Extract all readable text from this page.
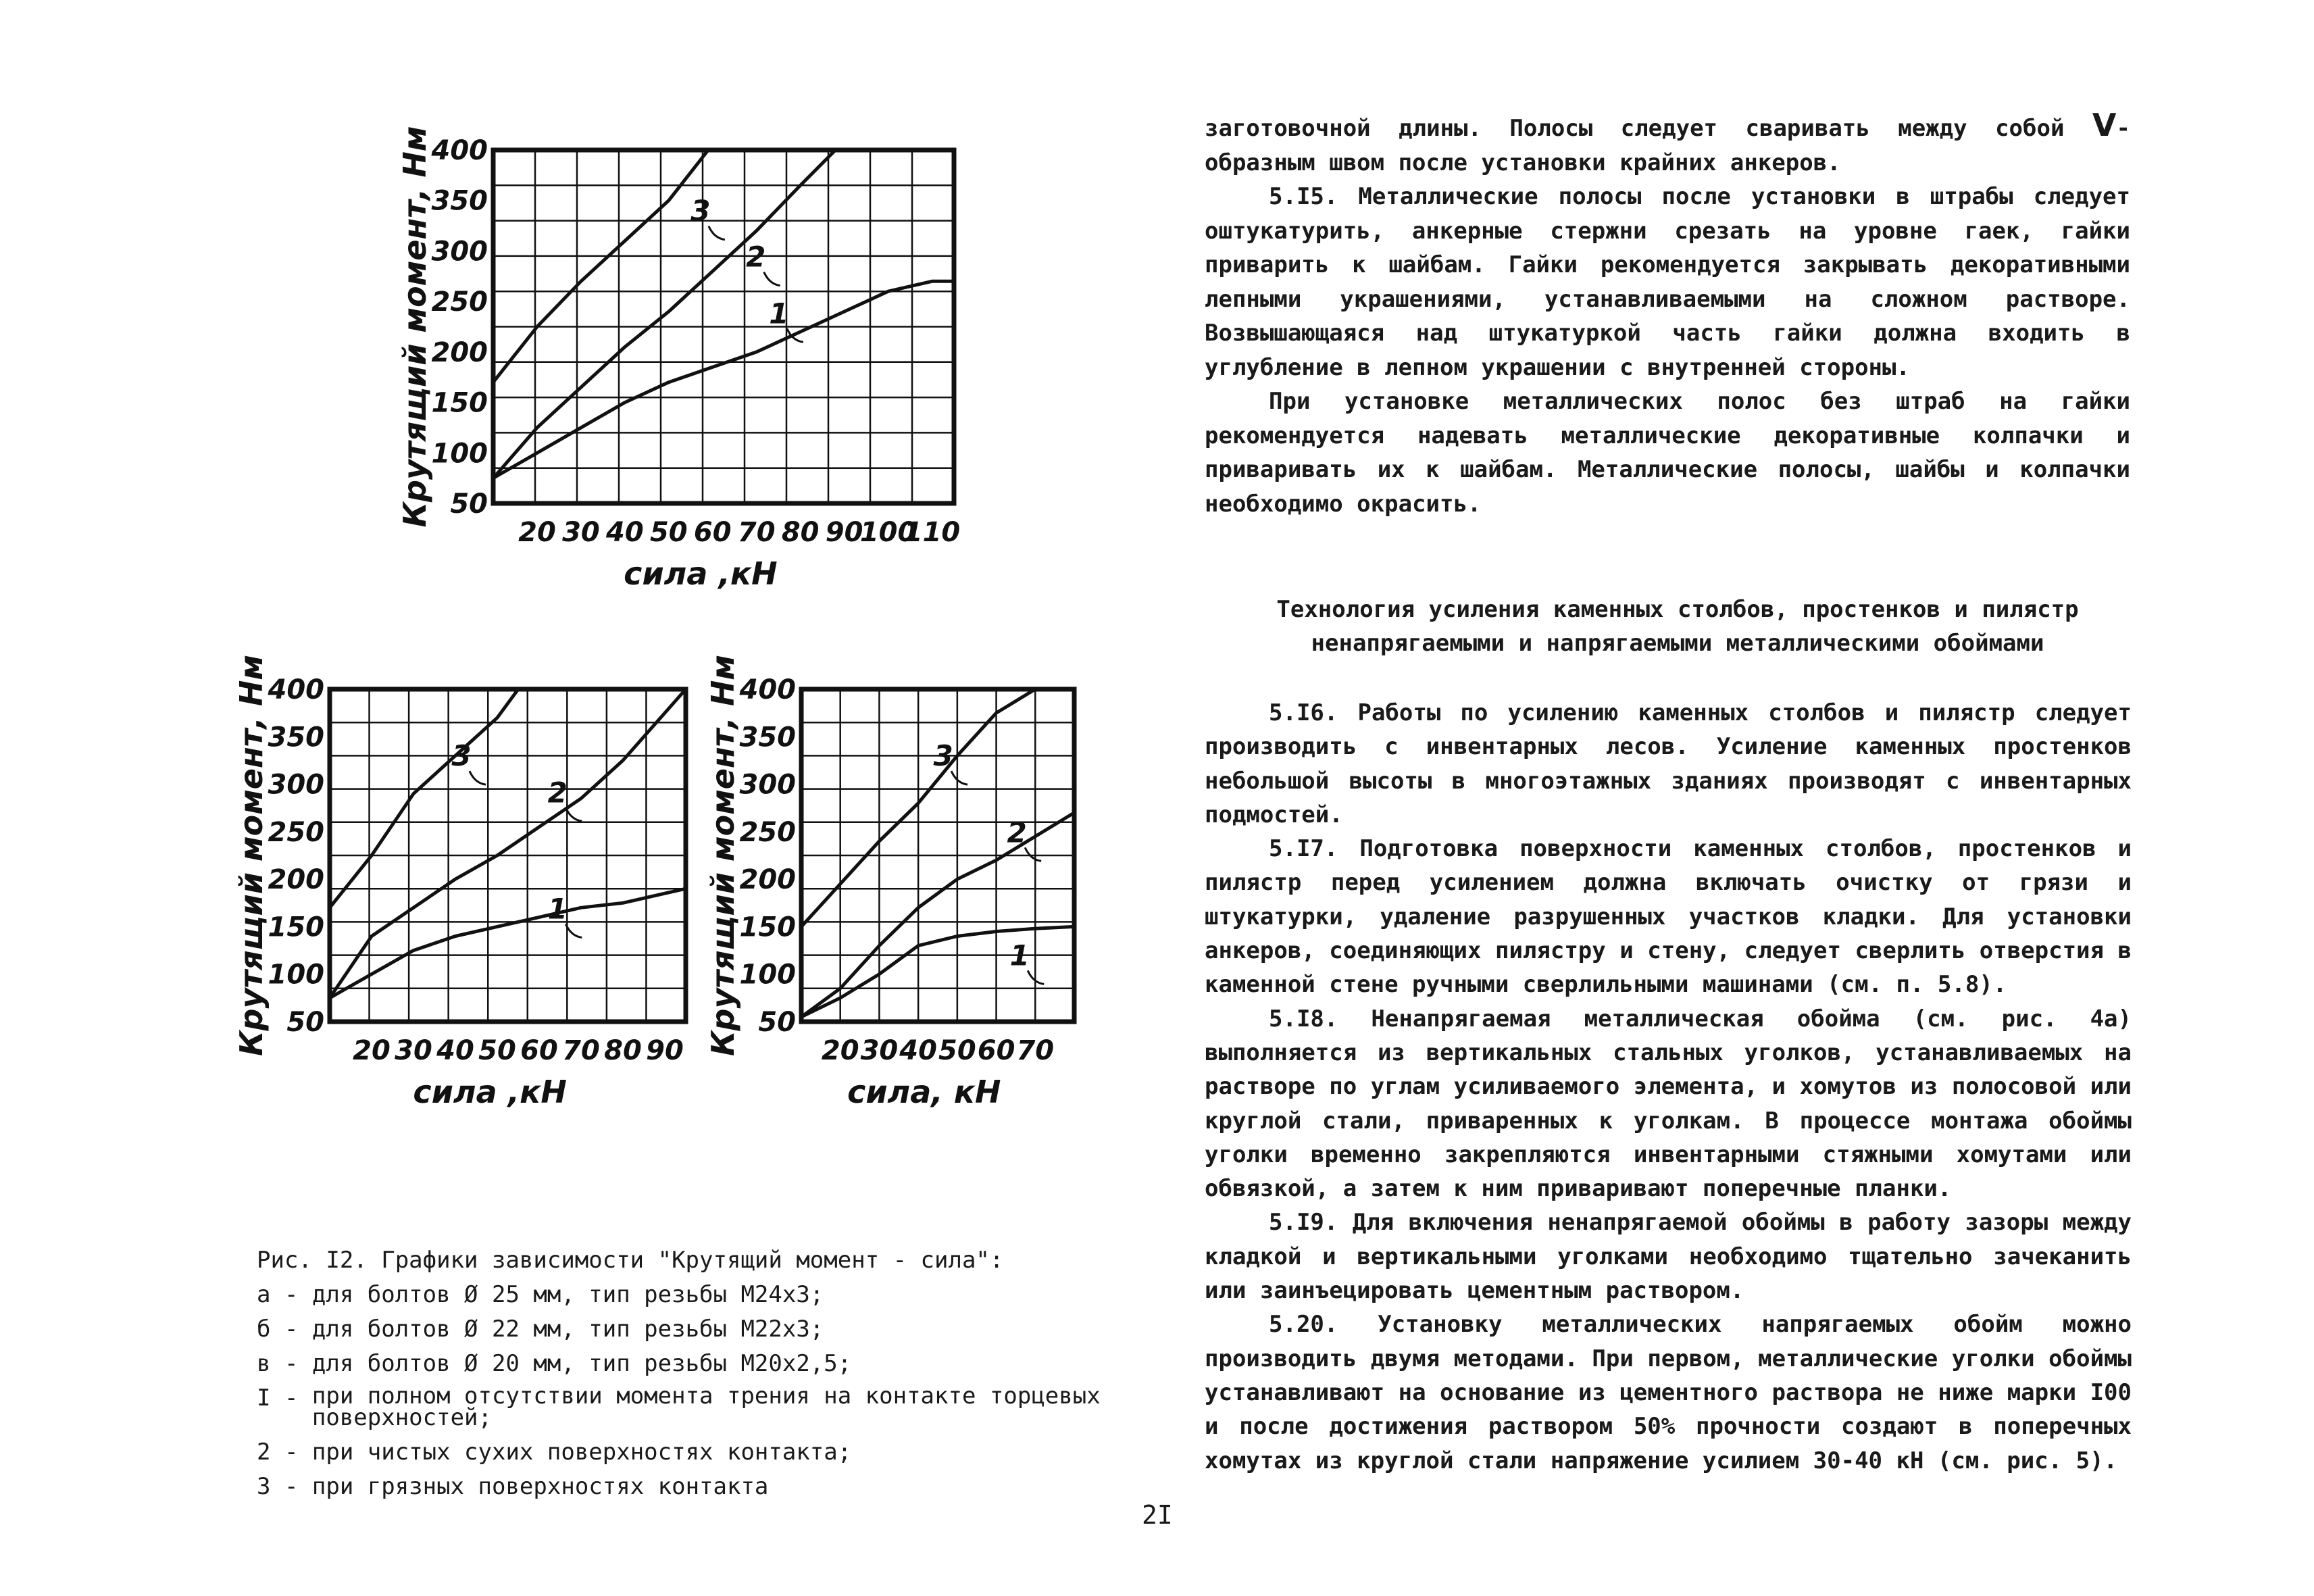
1
2
3
50
100
150
200
250
300
350
400
20 30 40 50 60 70 80 90
100
110
сила ,кН
Крутящий момент, Нм
1
2
3
50
100
150
200
250
300
350
400
20 30 40 50 60 70 80 90
сила ,кН
Крутящий момент, Нм	1
2
3
50
100
150
200
250
300
350
400
20 30 40 50 60 70
сила, кН
Крутящий момент, Нм
Рис. I2. Графики зависимости "Крутящий момент - сила":
а - для болтов Ø 25 мм, тип резьбы М24х3;
б - для болтов Ø 22 мм, тип резьбы М22х3;
в - для болтов Ø 20 мм, тип резьбы М20х2,5;
I - при полном отсутствии момента трения на контакте торцевых поверхностей;
2 - при чистых сухих поверхностях контакта;
3 - при грязных поверхностях контакта

заготовочной длины. Полосы следует сваривать между собой V-образным швом после установки крайних анкеров.

5.I5. Металлические полосы после установки в штрабы следует оштукатурить, анкерные стержни срезать на уровне гаек, гайки приварить к шайбам. Гайки рекомендуется закрывать декоративными лепными украшениями, устанавливаемыми на сложном растворе. Возвышающаяся над штукатуркой часть гайки должна входить в углубление в лепном украшении с внутренней стороны.

При установке металлических полос без штраб на гайки рекомендуется надевать металлические декоративные колпачки и приваривать их к шайбам. Металлические полосы, шайбы и колпачки необходимо окрасить.

Технология усиления каменных столбов, простенков и пилястр
ненапрягаемыми и напрягаемыми металлическими обоймами

5.I6. Работы по усилению каменных столбов и пилястр следует производить с инвентарных лесов. Усиление каменных простенков небольшой высоты в многоэтажных зданиях производят с инвентарных подмостей.

5.I7. Подготовка поверхности каменных столбов, простенков и пилястр перед усилением должна включать очистку от грязи и штукатурки, удаление разрушенных участков кладки. Для установки анкеров, соединяющих пилястру и стену, следует сверлить отверстия в каменной стене ручными сверлильными машинами (см. п. 5.8).

5.I8. Ненапрягаемая металлическая обойма (см. рис. 4а) выполняется из вертикальных стальных уголков, устанавливаемых на растворе по углам усиливаемого элемента, и хомутов из полосовой или круглой стали, приваренных к уголкам. В процессе монтажа обоймы уголки временно закрепляются инвентарными стяжными хомутами или обвязкой, а затем к ним приваривают поперечные планки.

5.I9. Для включения ненапрягаемой обоймы в работу зазоры между кладкой и вертикальными уголками необходимо тщательно зачеканить или заинъецировать цементным раствором.

5.20. Установку металлических напрягаемых обойм можно производить двумя методами. При первом, металлические уголки обоймы устанавливают на основание из цементного раствора не ниже марки I00 и после достижения раствором 50% прочности создают в поперечных хомутах из круглой стали напряжение усилием 30-40 кН (см. рис. 5).

2I
